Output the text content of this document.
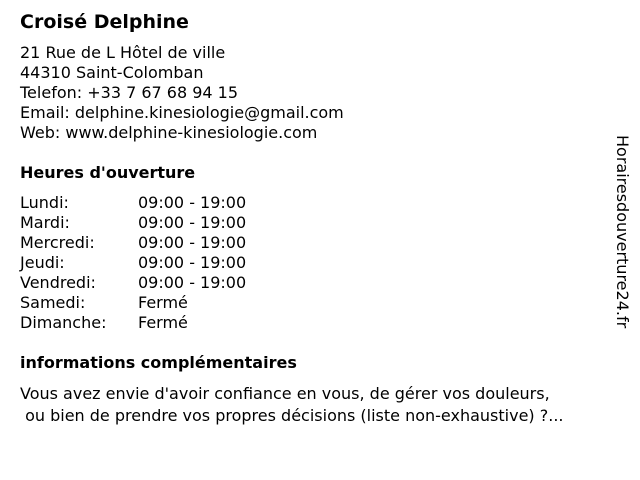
Croisé Delphine
21 Rue de L Hôtel de ville
44310 Saint-Colomban
Telefon: +33 7 67 68 94 15
Email: delphine.kinesiologie@gmail.com
Web: www.delphine-kinesiologie.com
Heures d'ouverture
Lundi:	09:00 - 19:00
Mardi:	09:00 - 19:00
Mercredi:	09:00 - 19:00
Jeudi:	09:00 - 19:00
Vendredi:	09:00 - 19:00
Samedi:	Fermé
Dimanche:	Fermé
informations complémentaires
Vous avez envie d'avoir confiance en vous, de gérer vos douleurs,
ou bien de prendre vos propres décisions (liste non-exhaustive) ?...
Horairesdouverture24.fr
